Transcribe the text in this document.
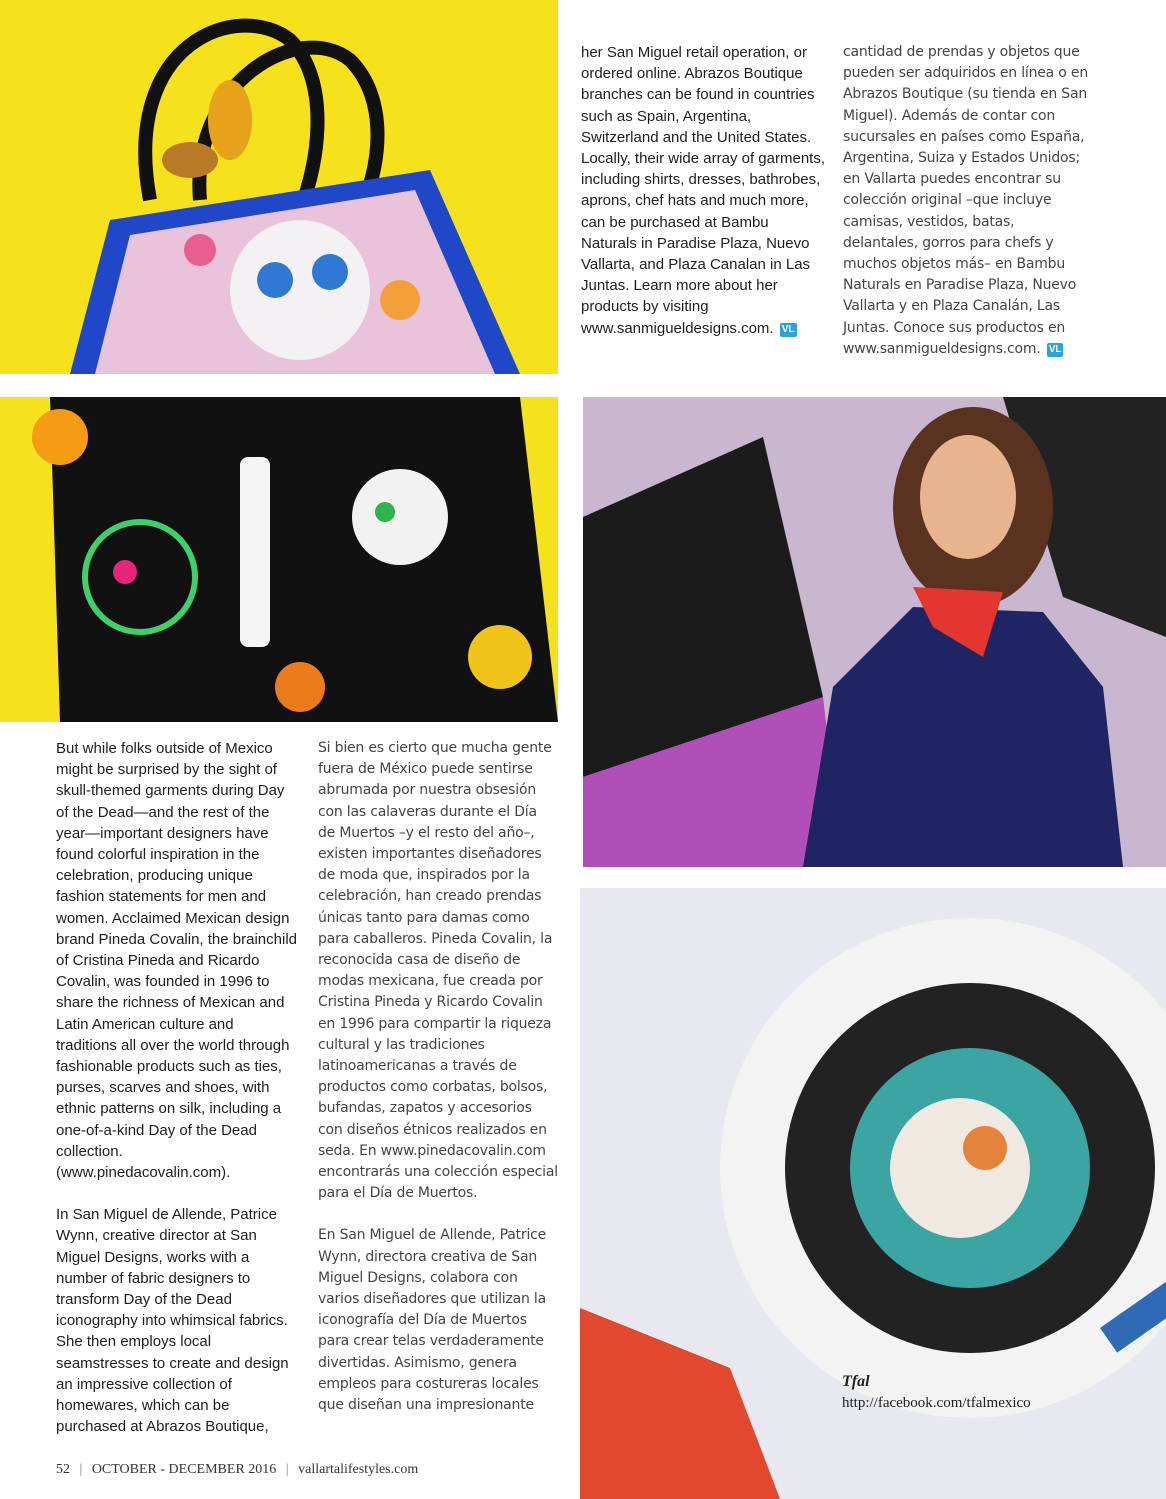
her San Miguel retail operation, or ordered online. Abrazos Boutique branches can be found in countries such as Spain, Argentina, Switzerland and the United States. Locally, their wide array of garments, including shirts, dresses, bathrobes, aprons, chef hats and much more, can be purchased at Bambu Naturals in Paradise Plaza, Nuevo Vallarta, and Plaza Canalan in Las Juntas. Learn more about her products by visiting www.sanmigueldesigns.com. VL
cantidad de prendas y objetos que pueden ser adquiridos en línea o en Abrazos Boutique (su tienda en San Miguel). Además de contar con sucursales en países como España, Argentina, Suiza y Estados Unidos; en Vallarta puedes encontrar su colección original –que incluye camisas, vestidos, batas, delantales, gorros para chefs y muchos objetos más– en Bambu Naturals en Paradise Plaza, Nuevo Vallarta y en Plaza Canalán, Las Juntas. Conoce sus productos en www.sanmigueldesigns.com. VL
Tfal
http://facebook.com/tfalmexico

But while folks outside of Mexico might be surprised by the sight of skull-themed garments during Day of the Dead—and the rest of the year—important designers have found colorful inspiration in the celebration, producing unique fashion statements for men and women. Acclaimed Mexican design brand Pineda Covalin, the brainchild of Cristina Pineda and Ricardo Covalin, was founded in 1996 to share the richness of Mexican and Latin American culture and traditions all over the world through fashionable products such as ties, purses, scarves and shoes, with ethnic patterns on silk, including a one-of-a-kind Day of the Dead collection. (www.pinedacovalin.com).

In San Miguel de Allende, Patrice Wynn, creative director at San Miguel Designs, works with a number of fabric designers to transform Day of the Dead iconography into whimsical fabrics. She then employs local seamstresses to create and design an impressive collection of homewares, which can be purchased at Abrazos Boutique,

Si bien es cierto que mucha gente fuera de México puede sentirse abrumada por nuestra obsesión con las calaveras durante el Día de Muertos –y el resto del año–, existen importantes diseñadores de moda que, inspirados por la celebración, han creado prendas únicas tanto para damas como para caballeros. Pineda Covalin, la reconocida casa de diseño de modas mexicana, fue creada por Cristina Pineda y Ricardo Covalin en 1996 para compartir la riqueza cultural y las tradiciones latinoamericanas a través de productos como corbatas, bolsos, bufandas, zapatos y accesorios con diseños étnicos realizados en seda. En www.pinedacovalin.com encontrarás una colección especial para el Día de Muertos.

En San Miguel de Allende, Patrice Wynn, directora creativa de San Miguel Designs, colabora con varios diseñadores que utilizan la iconografía del Día de Muertos para crear telas verdaderamente divertidas. Asimismo, genera empleos para costureras locales que diseñan una impresionante

52 | OCTOBER - DECEMBER 2016 | vallartalifestyles.com
